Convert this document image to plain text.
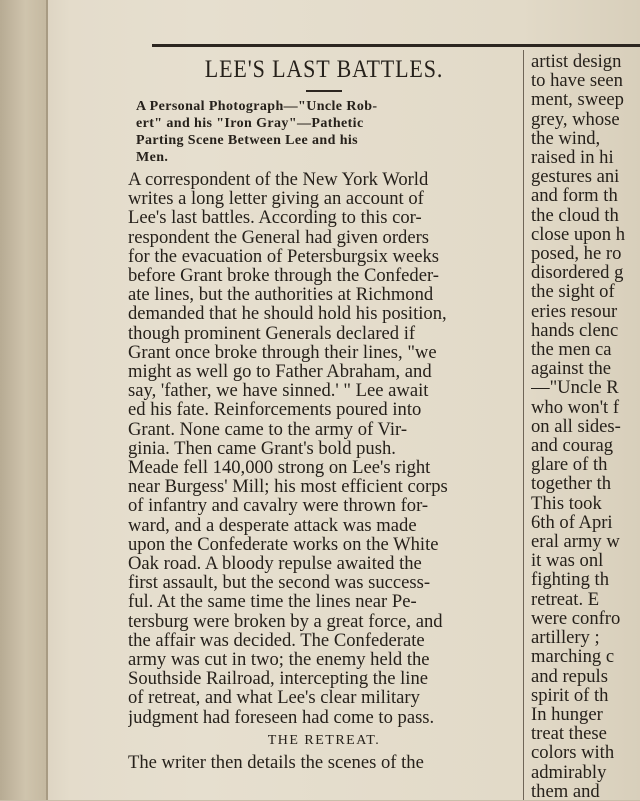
LEE'S LAST BATTLES.
A Personal Photograph—"Uncle Rob-
ert" and his "Iron Gray"—Pathetic
Parting Scene Between Lee and his
Men.
A correspondent of the New York World
writes a long letter giving an account of
Lee's last battles. According to this cor-
respondent the General had given orders
for the evacuation of Petersburgsix weeks
before Grant broke through the Confeder-
ate lines, but the authorities at Richmond
demanded that he should hold his position,
though prominent Generals declared if
Grant once broke through their lines, "we
might as well go to Father Abraham, and
say, 'father, we have sinned.' " Lee await
ed his fate. Reinforcements poured into
Grant. None came to the army of Vir-
ginia. Then came Grant's bold push.
Meade fell 140,000 strong on Lee's right
near Burgess' Mill; his most efficient corps
of infantry and cavalry were thrown for-
ward, and a desperate attack was made
upon the Confederate works on the White
Oak road. A bloody repulse awaited the
first assault, but the second was success-
ful. At the same time the lines near Pe-
tersburg were broken by a great force, and
the affair was decided. The Confederate
army was cut in two; the enemy held the
Southside Railroad, intercepting the line
of retreat, and what Lee's clear military
judgment had foreseen had come to pass.
THE RETREAT.
The writer then details the scenes of the
artist design
to have seen
ment, sweep
grey, whose
the wind,
raised in hi
gestures ani
and form th
the cloud th
close upon h
posed, he ro
disordered g
the sight of
eries resour
hands clenc
the men ca
against the
—"Uncle R
who won't f
on all sides-
and courag
glare of th
together th
This took
6th of Apri
eral army w
it was onl
fighting th
retreat. E
were confro
artillery ;
marching c
and repuls
spirit of th
In hunger
treat these
colors with
admirably
them and
